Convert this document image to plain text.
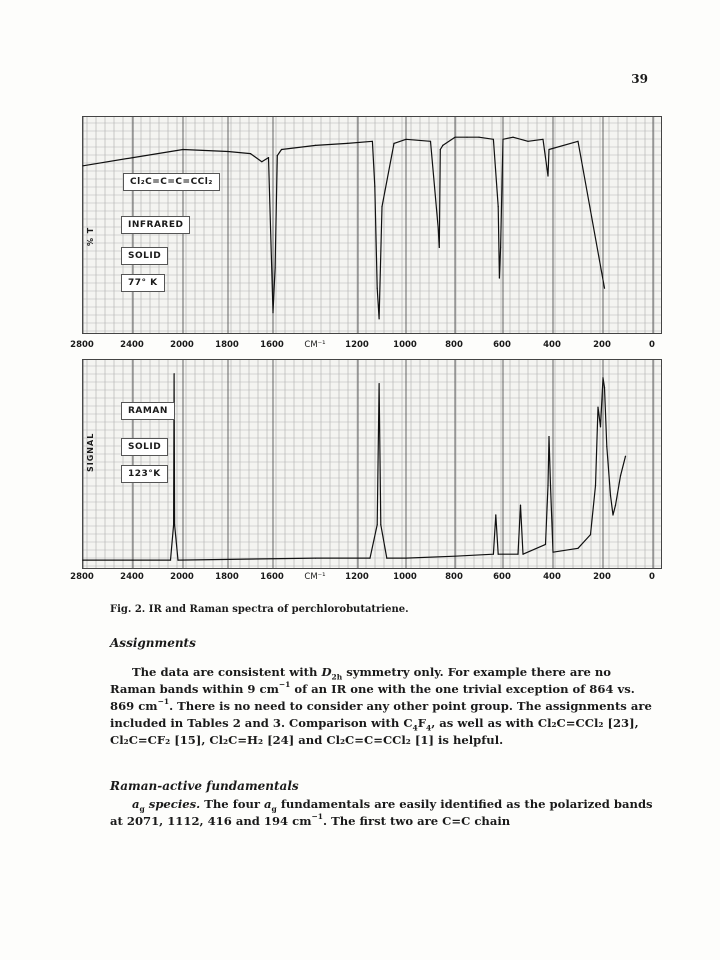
39
Cl₂C=C=C=CCl₂
INFRARED
SOLID
77° K
% T
2800	2400	2000	1800	1600	1200	1000	800	600	400	200	0
CM⁻¹
RAMAN
SOLID
123°K
SIGNAL
2800	2400	2000	1800	1600	1200	1000	800	600	400	200	0
CM⁻¹
Fig. 2. IR and Raman spectra of perchlorobutatriene.
Assignments
The data are consistent with $D_{2h}$ symmetry only. For example there are no Raman bands within 9 $cm^{-1}$ of an IR one with the one trivial exception of 864 vs. 869 $cm^{-1}$. There is no need to consider any other point group. The assignments are included in Tables 2 and 3. Comparison with $C_4F_4$, as well as with Cl₂C=CCl₂ [23], Cl₂C=CF₂ [15], Cl₂C=H₂ [24] and Cl₂C=C=CCl₂ [1] is helpful.
Raman-active fundamentals
$a_g$ species. The four $a_g$ fundamentals are easily identified as the polarized bands at 2071, 1112, 416 and 194 $cm^{-1}$. The first two are C=C chain
